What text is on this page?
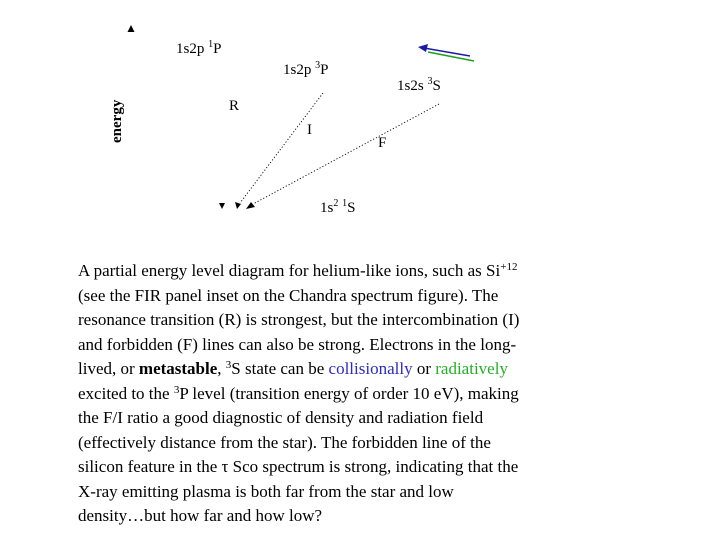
energy
1s2p $^1$P
1s2p $^3$P
1s2s $^3$S
$1s^2$ $^1$S
R
I
F
A partial energy level diagram for helium-like ions, such as $Si^{+12}$
(see the FIR panel inset on the Chandra spectrum figure). The
resonance transition (R) is strongest, but the intercombination (I)
and forbidden (F) lines can also be strong. Electrons in the long-
lived, or metastable, $^3$S state can be collisionally or radiatively
excited to the $^3$P level (transition energy of order 10 eV), making
the F/I ratio a good diagnostic of density and radiation field
(effectively distance from the star). The forbidden line of the
silicon feature in the τ Sco spectrum is strong, indicating that the
X-ray emitting plasma is both far from the star and low
density…but how far and how low?
